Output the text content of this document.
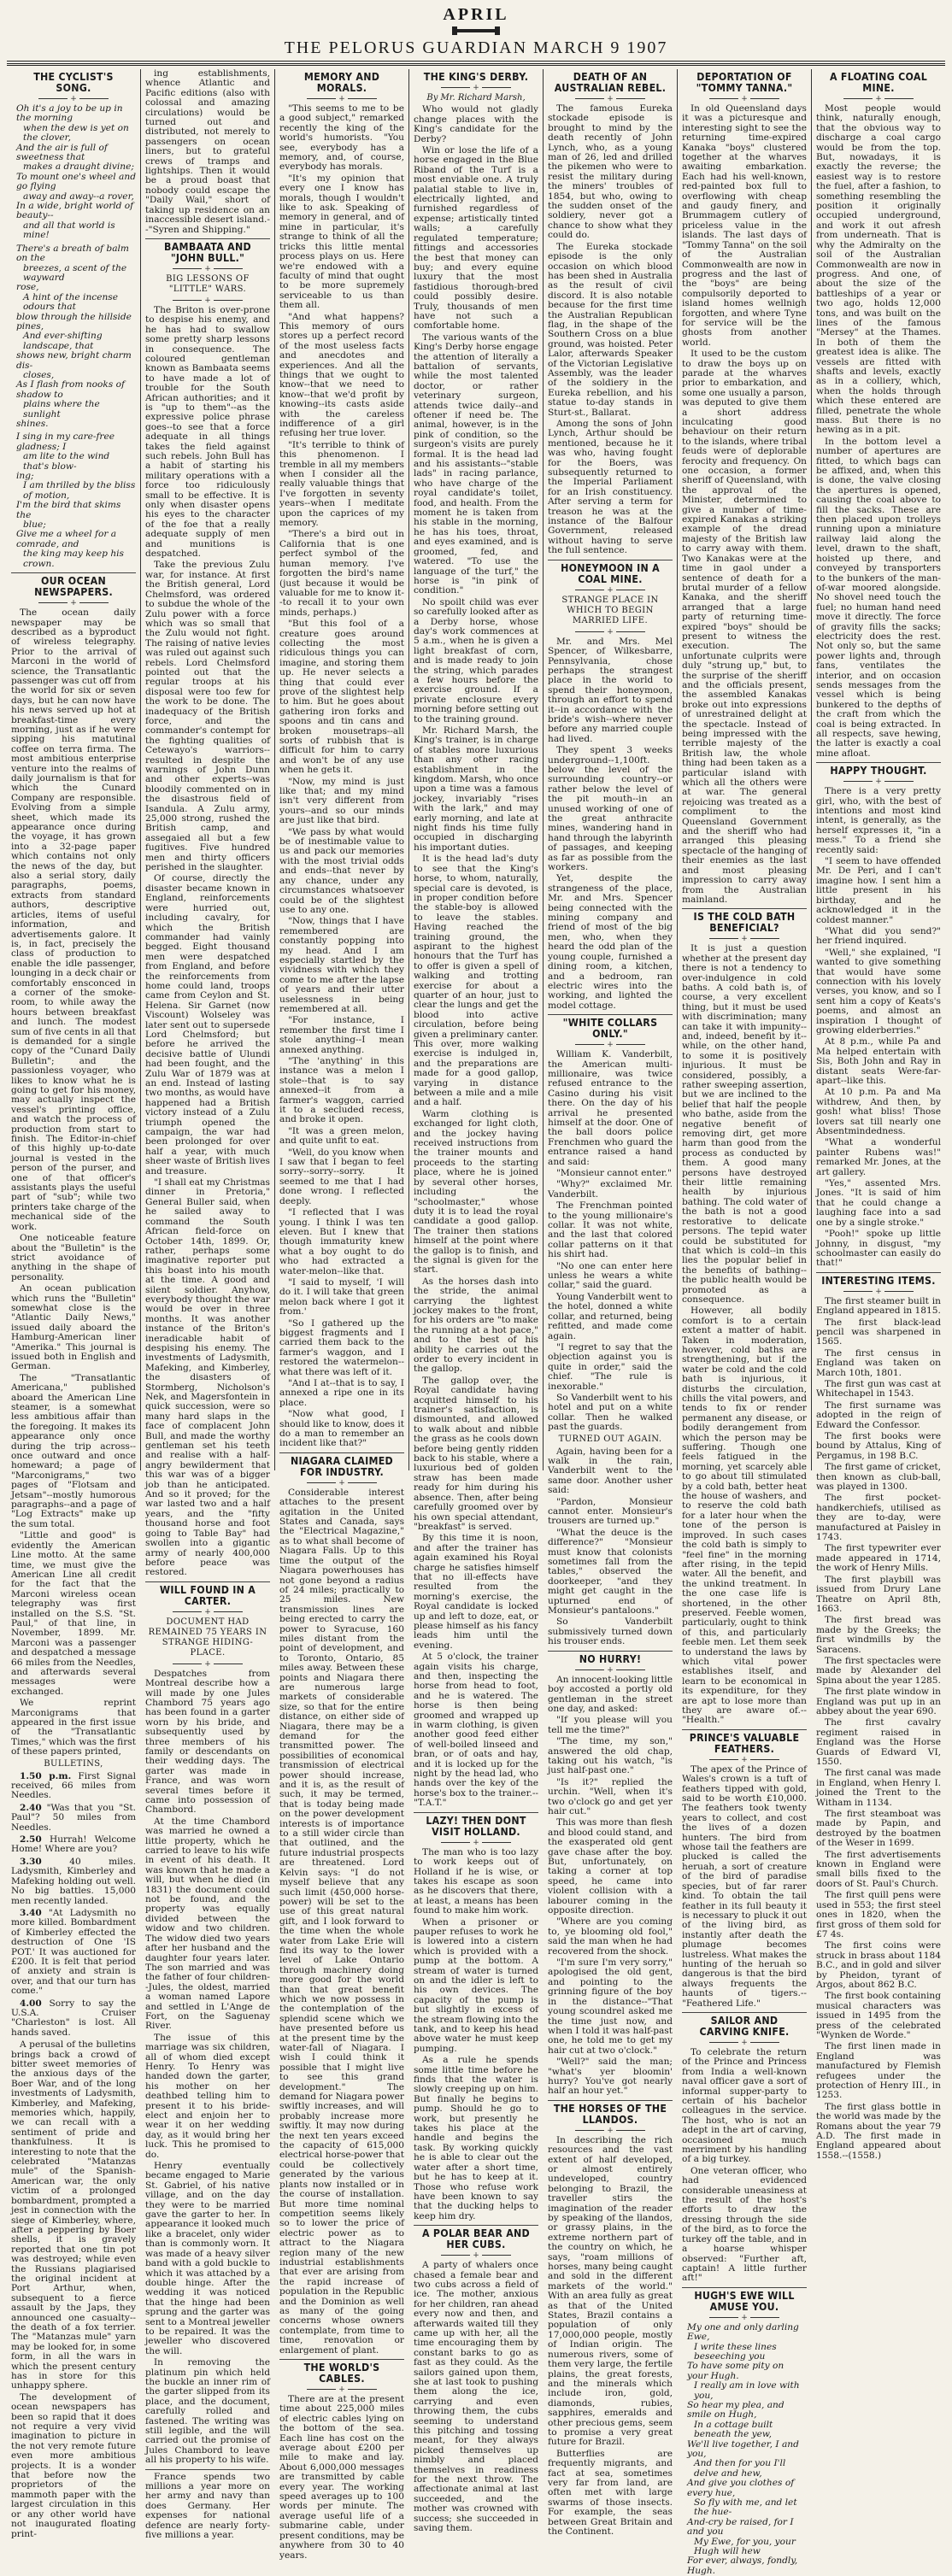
APRIL
THE PELORUS GUARDIAN MARCH 9 1907
THE CYCLIST'S SONG.
+
Oh it's a joy to be up in the morning
when the dew is yet on the clover,
And the air is full of sweetness that
makes a draught divine;
To mount one's wheel and go flying
away and away--a rover,
In a wide, bright world of beauty--
and all that world is mine!
There's a breath of balm on the
breezes, a scent of the wayward
rose,
A hint of the incense odours that
blow through the hillside pines,
And ever-shifting landscape, that
shows new, bright charm dis-
closes,
As I flash from nooks of shadow to
plains where the sunlight
shines.
I sing in my care-free gladness; I
am lite to the wind that's blow-
ing;
I am thrilled by the bliss of motion,
I'm the bird that skims the
blue;
Give me a wheel for a comrade, and
the king may keep his crown.
OUR OCEAN NEWSPAPERS.
+

The ocean daily newspaper may be described as a byproduct of wireless telegraphy. Prior to the arrival of Marconi in the world of science, the Transatlantic passenger was cut off from the world for six or seven days, but he can now have his news served up hot at breakfast-time every morning, just as if he were sipping his matutinal coffee on terra firma. The most ambitious enterprise venture into the realms of daily journalism is that for which the Cunard Company are responsible. Evolving from a simple sheet, which made its appearance once during the voyage, it has grown into a 32-page paper which contains not only the news of the day, but also a serial story, daily paragraphs, poems, extracts from standard authors, descriptive articles, items of useful information, and advertisements galore. It is, in fact, precisely the class of production to enable the idle passenger, lounging in a deck chair or comfortably ensconced in a corner of the smoke-room, to while away the hours between breakfast and lunch. The modest sum of five cents in all that is demanded for a single copy of the "Cunard Daily Bulletin"; and the passionless voyager, who likes to know what he is going to get for his money, may actually inspect the vessel's printing office, and watch the process of production from start to finish. The Editor-in-chief of this highly up-to-date journal is vested in the person of the purser, and one of that officer's assistants plays the useful part of "sub"; while two printers take charge of the mechanical side of the work.

One noticeable feature about the "Bulletin" is the strict avoidance of anything in the shape of personality.

An ocean publication which runs the "Bulletin" somewhat close is the "Atlantic Daily News," issued daily aboard the Hamburg-American liner "Amerika." This journal is issued both in English and German.

The "Transatlantic Americana," published aboard the American Line steamer, is a somewhat less ambitious affair than the foregoing. It makes its appearance only once during the trip across--once outward and once homeward; a page of "Marconigrams," two pages of "Flotsam and Jetsam"--mostly humorous paragraphs--and a page of "Log Extracts" make up the sum total.

"Little and good" is evidently the American Line motto. At the same time, we must give the American Line all credit for the fact that the Marconi wireless ocean telegraphy was first installed on the S.S. "St. Paul," of that line, in November, 1899. Mr. Marconi was a passenger and despatched a message 66 miles from the Needles, and afterwards several messages were exchanged.

We reprint Marconigrams that appeared in the first issue of the "Transatlantic Times," which was the first of these papers printed,

BULLETINS,

1.50 p.m. First Signal received, 66 miles from Needles.

2.40 "Was that you "St. Paul"? 50 miles from Needles.

2.50 Hurrah! Welcome Home! Where are you?

3.30 40 miles. Ladysmith, Kimberley and Mafeking holding out well. No big battles. 15,000 men recently landed.

3.40 "At Ladysmith no more killed. Bombardment of Kimberley effected the destruction of One 'IS POT.' It was auctioned for £200. It is felt that period of anxiety and strain is over, and that our turn has come."

4.00 Sorry to say the U.S.A. Cruiser "Charleston" is lost. All hands saved.

A perusal of the bulletins brings back a crowd of bitter sweet memories of the anxious days of the Boer War, and of the long investments of Ladysmith, Kimberley, and Mafeking, memories which, happily, we can recall with a sentiment of pride and thankfulness. It is interesting to note that the celebrated "Matanzas mule" of the Spanish-American war, the only victim of a prolonged bombardment, prompted a jest in connection with the siege of Kimberley, where, after a peppering by Boer shells, it is gravely reported that one tin pot was destroyed; while even the Russians plagiarised the original incident at Port Arthur, when, subsequent to a fierce assault by the Japs, they announced one casualty--the death of a fox terrier. The "Matanzas mule" yarn may be looked for, in some form, in all the wars in which the present century has in store for this unhappy sphere.

The development of ocean newspapers has been so rapid that it does not require a very vivid imagination to picture in the not very remote future even more ambitious projects. It is a wonder that before now the proprietors of the mammoth paper with the largest circulation in this or any other world have not inaugurated floating print-

ing establishments, whence Atlantic and Pacific editions (also with colossal and amazing circulations) would be turned out and distributed, not merely to passengers on ocean liners, but to grateful crews of tramps and lightships. Then it would be a proud boast that nobody could escape the "Daily Wail," short of taking up residence on an inaccessible desert island.--"Syren and Shipping."

BAMBAATA AND "JOHN BULL."
+
BIG LESSONS OF "LITTLE" WARS.
+

The Briton is over-prone to despise his enemy, and he has had to swallow some pretty sharp lessons in consequence. The coloured gentleman known as Bambaata seems to have made a lot of trouble for the South African authorities; and it is "up to them"--as the expressive police phrase goes--to see that a force adequate in all things takes the field against such rebels. John Bull has a habit of starting his military operations with a force too ridiculously small to be effective. It is only when disaster opens his eyes to the character of the foe that a really adequate supply of men and munitions is despatched.

Take the previous Zulu war, for instance. At first the British general, Lord Chelmsford, was ordered to subdue the whole of the Zulu power with a force which was so small that the Zulu would not fight. The raising of native levies was ruled out against such rebels. Lord Chelmsford pointed out that the regular troops at his disposal were too few for the work to be done. The inadequacy of the British force, and the commander's contempt for the fighting qualities of Cetewayo's warriors--resulted in despite the warnings of John Dunn and other experts--was bloodily commented on in the disastrous field of Isandula. A Zulu army, 25,000 strong, rushed the British camp, and assegaied all but a few fugitives. Five hundred men and thirty officers perished in the slaughter.

Of course, directly the disaster became known in England, reinforcements were hurried out, including cavalry, for which the British commander had vainly begged. Eight thousand men were despatched from England, and before the reinforcements from home could land, troops came from Ceylon and St. Helena. Sir Garnet (now Viscount) Wolseley was later sent out to supersede Lord Chelmsford; but before he arrived the decisive battle of Ulundi had been fought, and the Zulu War of 1879 was at an end. Instead of lasting two months, as would have happened had a British victory instead of a Zulu triumph opened the campaign, the war had been prolonged for over half a year, with much sheer waste of British lives and treasure.

"I shall eat my Christmas dinner in Pretoria," General Buller said, when he sailed away to command the South African field-force on October 14th, 1899. Or, rather, perhaps some imaginative reporter put this boast into his mouth at the time. A good and silent soldier. Anyhow, everybody thought the war would be over in three months. It was another instance of the Briton's ineradicable habit of despising his enemy. The investments of Ladysmith, Mafeking, and Kimberley, the disasters of Stormberg, Nicholson's Nek, and Magersfontein in quick succession, were so many hard slaps in the face of complacent John Bull, and made the worthy gentleman set his teeth and realise with a half-angry bewilderment that this war was of a bigger job than he anticipated. And so it proved; for the war lasted two and a half years, and the "fifty thousand horse and foot going to Table Bay" had swollen into a gigantic army of nearly 400,000 before peace was restored.

WILL FOUND IN A CARTER.
+
DOCUMENT HAD REMAINED 75 YEARS IN STRANGE HIDING-PLACE.
+

Despatches from Montreal describe how a will made by one Jules Chambord 75 years ago has been found in a garter worn by his bride, and subsequently used by three members of his family or descendants on their wedding days. The garter was made in France, and was worn several times before it came into possession of Chambord.

At the time Chambord was married he owned a little property, which he carried to leave to his wife in event of his death. It was known that he made a will, but when he died (in 1831) the document could not be found, and the property was equally divided between the widow and two children. The widow died two years after her husband and the daughter four years later. The son married and was the father of four children--Jules, the oldest, married a woman named Lapore and settled in L'Ange de Fort, on the Saguenay River.

The issue of this marriage was six children, all of whom died except Henry. To Henry was handed down the garter, his mother on her deathbed telling him to present it to his bride-elect and enjoin her to wear it on her wedding day, as it would bring her luck. This he promised to do.

Henry eventually became engaged to Marie St. Gabriel, of his native village, and on the day they were to be married gave the garter to her. In appearance it looked much like a bracelet, only wider than is commonly worn. It was made of a heavy silver band with a gold buckle to which it was attached by a double hinge. After the wedding it was noticed that the hinge had been sprung and the garter was sent to a Montreal jeweller to be repaired. It was the jeweller who discovered the will.

In removing the platinum pin which held the buckle an inner rim of the garter slipped from its place, and the document, carefully rolled and fastened. The writing was still legible, and the will carried out the promise of Jules Chambord to leave all his property to his wife.

France spends two millions a year more on her army and navy than does Germany. Her expenses for national defence are nearly forty-five millions a year.

MEMORY AND MORALS.
+

"This seems to me to be a good subject," remarked recently the king of the world's humorists. "You see, everybody has a memory, and, of course, everybody has morals.

"It's my opinion that every one I know has morals, though I wouldn't like to ask. Speaking of memory in general, and of mine in particular, it's strange to think of all the tricks this little mental process plays on us. Here we're endowed with a faculty of mind that ought to be more supremely serviceable to us than them all.

"And what happens? This memory of ours stores up a perfect record of the most useless facts and anecdotes and experiences. And all the things that we ought to know--that we need to know--that we'd profit by knowing--its casts aside with the careless indifference of a girl refusing her true lover.

"It's terrible to think of this phenomenon. I tremble in all my members when I consider all the really valuable things that I've forgotten in seventy years--when I meditate upon the caprices of my memory.

"There's a bird out in California that is one perfect symbol of the human memory. I've forgotten the bird's name (just because it would be valuable for me to know it--to recall it to your own minds, perhaps.)

"But this fool of a creature goes around collecting the most ridiculous things you can imagine, and storing them up. He never selects a thing that could ever prove of the slightest help to him. But he goes about gathering iron forks and spoons and tin cans and broken mousetraps--all sorts of rubbish that is difficult for him to carry and won't be of any use when he gets it.

"Now, my mind is just like that; and my mind isn't very different from yours--and so our minds are just like that bird.

"We pass by what would be of inestimable value to us and pack our memories with the most trivial odds and ends--that never by any chance, under any circumstances whatsoever could be of the slightest use to any one.

"Now, things that I have remembered are constantly popping into my head. And I am especially startled by the vividness with which they come to me after the lapse of years and their utter uselessness in being remembered at all.

"For instance, I remember the first time I stole anything--I mean annexed anything.

"The 'anything' in this instance was a melon I stole--that is to say annexed--it from a farmer's waggon, carried it to a secluded recess, and broke it open.

"It was a green melon, and quite unfit to eat.

"Well, do you know when I saw that I began to feel sorry--sorry--sorry. It seemed to me that I had done wrong. I reflected deeply.

"I reflected that I was young. I think I was ten eleven. But I knew that though immaturity knew what a boy ought to do who had extracted a water-melon--like that.

"I said to myself, 'I will do it. I will take that green melon back where I got it from.'

"So I gathered up the biggest fragments and I carried them back to the farmer's waggon, and I restored the watermelon--what there was left of it.

"And I at--that is to say, I annexed a ripe one in its place.

"Now what good, I should like to know, does it do a man to remember an incident like that?"

NIAGARA CLAIMED FOR INDUSTRY.
+

Considerable interest attaches to the present agitation in the United States and Canada, says the "Electrical Magazine," as to what shall become of Niagara Falls. Up to this time the output of the Niagara powerhouses has not gone beyond a radius of 24 miles; practically to 25 miles. New transmission lines are being erected to carry the power to Syracuse, 160 miles distant from the point of development, and to Toronto, Ontario, 85 miles away. Between these points and Niagara there are numerous large markets of considerable size, so that for the entire distance, on either side of Niagara, there may be a demand for the transmitted power. The possibilities of economical transmission of electrical power should increase, and it is, as the result of such, it may be termed, that is today being made on the power development interests is of importance to a still wider circle than that outlined, and the future industrial prospects are threatened. Lord Kelvin says: "I do not myself believe that any such limit (450,000 horse-power) will be set to the use of this great natural gift, and I look forward to the time when the whole water from Lake Erie will find its way to the lower level of Lake Ontario through machinery doing more good for the world than that great benefit which we now possess in the contemplation of the splendid scene which we have presented before us at the present time by the water-fall of Niagara. I wish I could think it possible that I might live to see this grand development." The demand for Niagara power swiftly increases, and will probably increase more swiftly. It may now during the next ten years exceed the capacity of 615,000 electrical horse-power that could be collectively generated by the various plants now installed or in the course of installation. But more time nominal competition seems likely so to lower the price of electric power as to attract to the Niagara region many of the new industrial establishments that ever are arising from the rapid increase of population in the Republic and the Dominion as well as many of the going concerns whose owners contemplate, from time to time, renovation or enlargement of plant.

THE WORLD'S CABLES.
+

There are at the present time about 225,000 miles of electric cables lying on the bottom of the sea. Each line has cost on the average about £200 per mile to make and lay. About 6,000,000 messages are transmitted by cable every year. The working speed averages up to 100 words per minute. The average useful life of a submarine cable, under present conditions, may be anywhere from 30 to 40 years.

THE KING'S DERBY.
+
By Mr. Richard Marsh,

Who would not gladly change places with the King's candidate for the Derby?

Win or lose the life of a horse engaged in the Blue Riband of the Turf is a most enviable one. A truly palatial stable to live in, electrically lighted, and furnished regardless of expense; artistically tinted walls; a carefully regulated temperature; fittings and accessories the best that money can buy; and every equine luxury that the most fastidious thorough-bred could possibly desire. Truly, thousands of men have not such a comfortable home.

The various wants of the King's Derby horse engage the attention of literally a battalion of servants, while the most talented doctor, or rather veterinary surgeon, attends twice daily--and oftener if need be. The animal, however, is in the pink of condition, so the surgeon's visits are purely formal. It is the head lad and his assistants--"stable lads" in racing parlance, who have charge of the royal candidate's toilet, food, and health. From the moment he is taken from his stable in the morning, he has his toes, throat, and eyes examined, and is groomed, fed, and watered. "To use the language of the turf," the horse is "in pink of condition."

No spoilt child was ever so carefully looked after as a Derby horse, whose day's work commences at 5 a.m., when he is given a light breakfast of corn, and is made ready to join the string, which parades a few hours before the exercise ground. If a private enclosure every morning before setting out to the training ground.

Mr. Richard Marsh, the King's trainer, is in charge of stables more luxurious than any other racing establishment in the kingdom. Marsh, who once upon a time was a famous jockey, invariably "rises with the lark," and may early morning, and late at night finds his time fully occupied in discharging his important duties.

It is the head lad's duty to see that the King's horse, to whom, naturally, special care is devoted, is in proper condition before the stable-boy is allowed to leave the stables. Having reached the training ground, the aspirant to the highest honours that the Turf has to offer is given a spell of walking and trotting exercise for about a quarter of an hour, just to clear the lungs and get the blood into active circulation, before being given a preliminary canter. This over, more walking exercise is indulged in, and the preparations are made for a good gallop, varying in distance between a mile and a mile and a half.

Warm clothing is exchanged for light cloth, and the jockey having received instructions from the trainer mounts and proceeds to the starting place, where he is joined by several other horses, including the "schoolmaster," whose duty it is to lead the royal candidate a good gallop. The trainer then stations himself at the point where the gallop is to finish, and the signal is given for the start.

As the horses dash into the stride, the animal carrying the lightest jockey makes to the front, for his orders are "to make the running at a hot pace," and to the best of his ability he carries out the order to every incident in the gallop.

The gallop over, the Royal candidate having acquitted himself to his trainer's satisfaction, is dismounted, and allowed to walk about and nibble the grass as he cools down before being gently ridden back to his stable, where a luxurious bed of golden straw has been made ready for him during his absence. Then, after being carefully groomed over by his own special attendant, "breakfast" is served.

By this time it is noon, and after the trainer has again examined his Royal charge he satisfies himself that no ill-effects have resulted from the morning's exercise, the Royal candidate is locked up and left to doze, eat, or please himself as his fancy leads him until the evening.

At 5 o'clock, the trainer again visits his charge, and then, inspecting the horse from head to foot, and he is watered. The horse is then being groomed and wrapped up in warm clothing, is given another good feed either of well-boiled linseed and bran, or of oats and hay, and it is locked up for the night by the head lad, who hands over the key of the horse's box to the trainer.--"T.A.T."

LAZY! THEN DONT VISIT HOLLAND.
+

The man who is too lazy to work keeps out of Holland if he is wise, or takes his escape as soon as he discovers that there, at least, a means has been found to make him work.

When a prisoner or pauper refuses to work he is lowered into a cistern which is provided with a pump at the bottom. A stream of water is turned on and the idler is left to his own devices. The capacity of the pump is but slightly in excess of the stream flowing into the tank, and to keep his head above water he must keep pumping.

As a rule he spends some little time before he finds that the water is slowly creeping up on him. But finally he begins to pump. Should he go to work, but presently he takes his place at the handle and begins the task. By working quickly he is able to clear out the water after a short time, but he has to keep at it. Those who refuse work have been known to say that the ducking helps to keep him dry.

A POLAR BEAR AND HER CUBS.
+

A party of whalers once chased a female bear and two cubs across a field of ice. The mother, anxious for her children, ran ahead every now and then, and afterwards waited till they came up with her, all the time encouraging them by constant barks to go as fast as they could. As the sailors gained upon them, she at last took to pushing them along the ice, carrying and even throwing them, the cubs seeming to understand this pitching and tossing meant, for they always picked themselves up nimbly and placed themselves in readiness for the next throw. The affectionate animal at last succeeded, and the mother was crowned with success; she succeeded in saving them.

DEATH OF AN AUSTRALIAN REBEL.
+

The famous Eureka stockade episode is brought to mind by the death recently of John Lynch, who, as a young man of 26, led and drilled the pikemen who were to resist the military during the miners' troubles of 1854, but who, owing to the sudden onset of the soldiery, never got a chance to show what they could do.

The Eureka stockade episode is the only occasion on which blood has been shed in Australia as the result of civil discord. It is also notable because for the first time the Australian Republican flag, in the shape of the Southern Cross on a blue ground, was hoisted. Peter Lalor, afterwards Speaker of the Victorian Legislative Assembly, was the leader of the soldiery in the Eureka rebellion, and his statue to-day stands in Sturt-st., Ballarat.

Among the sons of John Lynch, Arthur should be mentioned, because he it was who, having fought for the Boers, was subsequently returned to the Imperial Parliament for an Irish constituency. After serving a term for treason he was at the instance of the Balfour Government, released without having to serve the full sentence.

HONEYMOON IN A COAL MINE.
+
STRANGE PLACE IN WHICH TO BEGIN MARRIED LIFE.
+

Mr. and Mrs. Mel Spencer, of Wilkesbarre, Pennsylvania, chose perhaps the strangest place in the world to spend their honeymoon, through an effort to spend it--in accordance with the bride's wish--where never before any married couple had lived.

They spent 3 weeks underground--1,100ft. below the level of the surrounding country--or rather below the level of the pit mouth--in an unused working of one of the great anthracite mines, wandering hand in hand through the labyrinth of passages, and keeping as far as possible from the workers.

Yet, despite the strangeness of the place, Mr. and Mrs. Spencer being connected with the mining company and friend of most of the big men, who, when they heard the odd plan of the young couple, furnished a dining room, a kitchen, and a bedroom, ran electric wires into the working, and lighted the model cottage.

"WHITE COLLARS ONLY."
+

William K. Vanderbilt, the American multi-millionaire, was twice refused entrance to the Casino during his visit there. On the day of his arrival he presented himself at the door. One of the ball doors police Frenchmen who guard the entrance raised a hand and said:

"Monsieur cannot enter."

"Why?" exclaimed Mr. Vanderbilt.

The Frenchman pointed to the young millionaire's collar. It was not white, and the last that colored collar patterns on it that his shirt had.

"No one can enter here unless he wears a white collar," said the guard.

Young Vanderbilt went to the hotel, donned a white collar, and returned, being refitted, and made come again.

"I regret to say that the objection against you is quite in order," said the chief. "The rule is inexorable."

So Vanderbilt went to his hotel and put on a white collar. Then he walked past the guards.

TURNED OUT AGAIN.

Again, having been for a walk in the rain, Vanderbilt went to the same door. Another usher said:

"Pardon, Monsieur cannot enter. Monsieur's trousers are turned up."

"What the deuce is the difference?" "Monsieur must know that colonists sometimes fall from the tables," observed the doorkeeper, "and they might get caught in the upturned end of Monsieur's pantaloons."

So Vanderbilt submissively turned down his trouser ends.

NO HURRY!
+

An innocent-looking little boy accosted a portly old gentleman in the street one day, and asked:

"If you please will you tell me the time?"

"The time, my son," answered the old chap, taking out his watch, "is just half-past one."

"Is it?" replied the urchin. "Well, when it's two o'clock go and get yer hair cut."

This was more than flesh and blood could stand, and the exasperated old gent gave chase after the boy. But, unfortunately, on taking a corner at top speed, he came into violent collision with a labourer coming in the opposite direction.

"Where are you coming to, ye blooming old fool," said the man when he had recovered from the shock.

"I'm sure I'm very sorry," apologised the old gent, and pointing to the grinning figure of the boy in the distance--"That young scoundrel asked me the time just now, and when I told it was half-past one, he told me to get my hair cut at two o'clock."

"Well?" said the man; "what's yer bloomin' hurry? You've got nearly half an hour yet."

THE HORSES OF THE LLANDOS.
+

In describing the rich resources and the vast extent of half developed, or almost entirely undeveloped, country belonging to Brazil, the traveller stirs the imagination of the reader by speaking of the llandos, or grassy plains, in the extreme northern part of the country on which, he says, "roam millions of horses, many being caught and sold in the different markets of the world." With an area fully as great as that of the United States, Brazil contains a population of only 17,000,000 people, mostly of Indian origin. The numerous rivers, some of them very large, the fertile plains, the great forests, and the minerals which include iron, gold, diamonds, rubies, sapphires, emeralds and other precious gems, seem to promise a very great future for Brazil.

Butterflies are frequently migrants, and fact at sea, sometimes very far from land, are often met with large swarms of those insects. For example, the seas between Great Britain and the Continent.

DEPORTATION OF "TOMMY TANNA."
+

In old Queensland days it was a picturesque and interesting sight to see the returning time-expired Kanaka "boys" clustered together at the wharves awaiting embarkation. Each had his well-known, red-painted box full to overflowing with cheap and gaudy finery, and Brummagem cutlery of priceless value in the islands. The last days of "Tommy Tanna" on the soil of the Australian Commonwealth are now in progress and the last of the "boys" are being compulsorily deported to island homes wellnigh forgotten, and where Tyne for service will be the ghosts from another world.

It used to be the custom to draw the boys up on parade at the wharves prior to embarkation, and some one usually a parson, was deputed to give them a short address inculcating good behaviour on their return to the islands, where tribal feuds were of deplorable ferocity and frequency. On one occasion, a former sheriff of Queensland, with the approval of the Minister, determined to give a number of time-expired Kanakas a striking example of the dread majesty of the British law to carry away with them. Two Kanakas were at the time in gaol under a sentence of death for a brutal murder of a fellow Kanaka, and the sheriff arranged that a large party of returning time-expired "boys" should be present to witness the execution. The unfortunate culprits were duly "strung up," but, to the surprise of the sheriff and the officials present, the assembled Kanakas broke out into expressions of unrestrained delight at the spectacle. Instead of being impressed with the terrible majesty of the British law, the whole thing had been taken as a particular island with which all the others were at war. The general rejoicing was treated as a compliment to the Queensland Government and the sheriff who had arranged this pleasing spectacle of the hanging of their enemies as the last and most pleasing impression to carry away from the Australian mainland.

IS THE COLD BATH BENEFICIAL?
+

It is just a question whether at the present day there is not a tendency to over-indulgence in cold baths. A cold bath is, of course, a very excellent thing, but it must be used with discrimination; many can take it with impunity--and, indeed, benefit by it--while, on the other hand, to some it is positively injurious. It must be considered, possibly, a rather sweeping assertion, but we are inclined to the belief that half the people who bathe, aside from the negative benefit of removing dirt, get more harm than good from the process as conducted by them. A good many persons have destroyed their little remaining health by injurious bathing. The cold water of the bath is not a good restorative to delicate persons. The tepid water could be substituted for that which is cold--in this lies the popular belief in the benefits of bathing--the public health would be promoted as a consequence.

However, all bodily comfort is to a certain extent a matter of habit. Taken in moderation, however, cold baths are strengthening, but if the water be cold and the cold bath is injurious, it disturbs the circulation, chills the vital powers, and tends to fix or render permanent any disease, or bodily derangement from which the person may be suffering. Though one feels fatigued in the morning, yet scarcely able to go about till stimulated by a cold bath, better heat the house of washers, and to reserve the cold bath for a later hour when the tone of the person is improved. In such cases the cold bath is simply to "feel fine" in the morning after rising, in the tepid water. All the benefit, and the unkind treatment. In the one case life is shortened, in the other preserved. Feeble women, particularly, ought to think of this, and particularly feeble men. Let them seek to understand the laws by which vital power establishes itself, and learn to be economical in its expenditure, for they are apt to lose more than they are aware of.--"Health."

PRINCE'S VALUABLE FEATHERS.
+

The apex of the Prince of Wales's crown is a tuft of feathers tipped with gold, said to be worth £10,000. The feathers took twenty years to collect, and cost the lives of a dozen hunters. The bird from whose tail the feathers are plucked is called the heruah, a sort of creature of the bird of paradise species, but of far rarer kind. To obtain the tail feather in its full beauty it is necessary to pluck it out of the living bird, as instantly after death the plumage becomes lustreless. What makes the hunting of the heruah so dangerous is that the bird always frequents the haunts of tigers.--"Feathered Life."

SAILOR AND CARVING KNIFE.
+

To celebrate the return of the Prince and Princess from India a well-known naval officer gave a sort of informal supper-party to certain of his bachelor colleagues in the service. The host, who is not an adept in the art of carving, occasioned much merriment by his handling of a big turkey.

One veteran officer, who had evidenced considerable uneasiness at the result of the host's efforts to draw the dressing through the side of the bird, as to force the turkey off the table, and in a hoarse whisper observed: "Further aft, captain! A little further aft!"

HUGH'S EWE WILL AMUSE YOU.
+
My one and only darling Ewe,
I write these lines beseeching you
To have some pity on your Hugh.
I really am in love with you,
So hear my plea, and smile on Hugh,
In a cottage built beneath the yew,
We'll live together, I and you,
And then for you I'll delve and hew,
And give you clothes of every hue,
So fly with me, and let the hue-
And-cry be raised, for I and you
My Ewe, for you, your Hugh will hew
For ever, always, fondly, Hugh.
A FLOATING COAL MINE.
+

Most people would think, naturally enough, that the obvious way to discharge a coal cargo would be from the top. But, nowadays, it is exactly the reverse; the easiest way is to restore the fuel, after a fashion, to something resembling the position it originally occupied underground, and work it out afresh from underneath. That is why the Admiralty on the soil of the Australian Commonwealth are now in progress. And one, of about the size of the battleships of a year or two ago, holds 12,000 tons, and was built on the lines of the famous "Mersey" at the Thames. In both of them the greatest idea is alike. The vessels are fitted with shafts and levels, exactly as in a colliery, which, when the holds through which these entered are filled, penetrate the whole mass. But there is no hewing as in a pit.

In the bottom level a number of apertures are fitted, to which bags can be affixed, and, when this is done, the valve closing the apertures is opened, causing the coal above to fill the sacks. These are then placed upon trolleys running upon a miniature railway laid along the level, drawn to the shaft, hoisted up there, and conveyed by transporters to the bunkers of the man-of-war moored alongside. No shovel need touch the fuel; no human hand need move it directly. The force of gravity fills the sacks; electricity does the rest. Not only so, but the same power lights and, through fans, ventilates the interior, and on occasion sends messages from the vessel which is being bunkered to the depths of the craft from which the coal is being extracted. In all respects, save hewing, the latter is exactly a coal mine afloat.

HAPPY THOUGHT.
+

There is a very pretty girl, who, with the best of intentions and most kind intent, is generally, as the herself expresses it, "in a mess." To a friend she recently said:

"I seem to have offended Mr. De Peri, and I can't imagine how. I sent him a little present in his birthday, and he acknowledged it in the coldest manner."

"What did you send?" her friend inquired.

"Well," she explained, "I wanted to give something that would have some connection with his lovely verses, you know, and so I sent him a copy of Keats's poems, and almost an inspiration I thought of growing elderberries."

At 8 p.m., while Pa and Ma helped entertain with Sis, Both John and Ray in distant seats Were-far-apart--like this.

At 10 p.m. Pa and Ma withdrew, And then, by gosh! what bliss! Those lovers sat till nearly one Absentmindedness.

"What a wonderful painter Rubens was!" remarked Mr. Jones, at the art gallery.

"Yes," assented Mrs. Jones. "It is said of him that he could change a laughing face into a sad one by a single stroke."

"Pooh!" spoke up little Johnny, in disgust, "my schoolmaster can easily do that!"

INTERESTING ITEMS.
+

The first steamer built in England appeared in 1815.

The first black-lead pencil was sharpened in 1565.

The first census in England was taken on March 10th, 1801.

The first gun was cast at Whitechapel in 1543.

The first surname was adopted in the reign of Edward the Confessor.

The first books were bound by Attalus, King of Pergamus, in 198 B.C.

The first game of cricket, then known as club-ball, was played in 1300.

The first pocket-handkerchiefs, utilised as they are to-day, were manufactured at Paisley in 1743.

The first typewriter ever made appeared in 1714, the work of Henry Mills.

The first playbill was issued from Drury Lane Theatre on April 8th, 1663.

The first bread was made by the Greeks; the first windmills by the Saracens.

The first spectacles were made by Alexander del Spina about the year 1285.

The first plate window in England was put up in an abbey about the year 690.

The first cavalry regiment raised in England was the Horse Guards of Edward VI, 1550.

The first canal was made in England, when Henry I. joined the Trent to the Witham in 1134.

The first steamboat was made by Papin, and destroyed by the boatmen of the Weser in 1699.

The first advertisements known in England were small bills fixed to the doors of St. Paul's Church.

The first quill pens were used in 553; the first steel ones in 1820, when the first gross of them sold for £7 4s.

The first coins were struck in brass about 1184 B.C., and in gold and silver by Pheidon, tyrant of Argos, about 862 B.C.

The first book containing musical characters was issued in 1495 from the press of the celebrated "Wynken de Worde."

The first linen made in England was manufactured by Flemish refugees under the protection of Henry III., in 1253.

The first glass bottle in the world was made by the Romans about the year 79 A.D. The first made in England appeared about 1558.--(1558.)
